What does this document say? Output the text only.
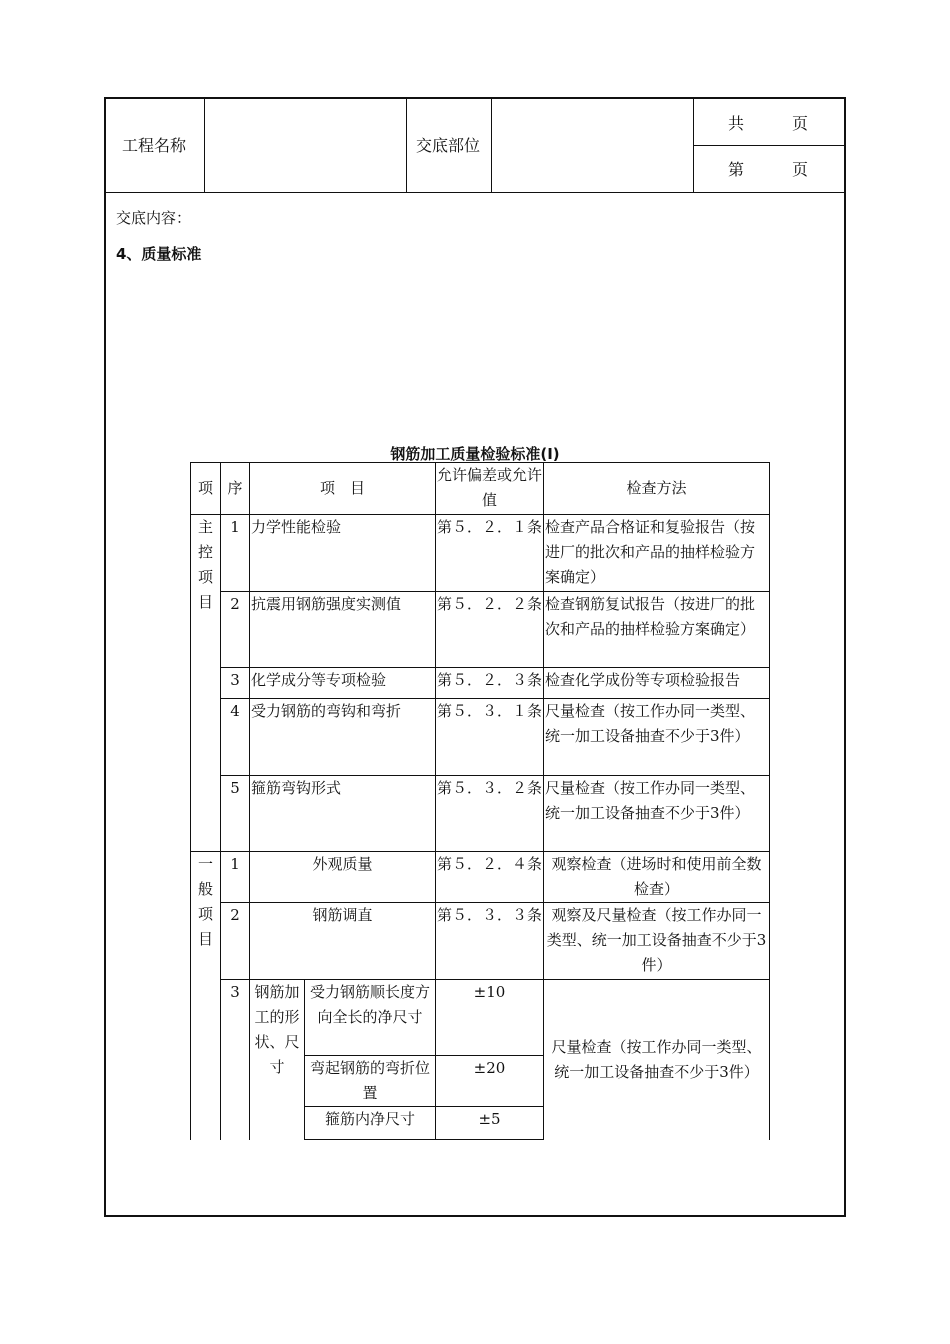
工程名称	交底部位
共　　　页
第　　　页
交底内容：
4、质量标准
钢筋加工质量检验标准(Ⅰ)
项	序	项　目		允许偏差或允许值	检查方法
主控项目	1	力学性能检验		第５．２．１条	检查产品合格证和复验报告（按进厂的批次和产品的抽样检验方案确定）
	2	抗震用钢筋强度实测值		第５．２．２条	检查钢筋复试报告（按进厂的批次和产品的抽样检验方案确定）
	3	化学成分等专项检验		第５．２．３条	检查化学成份等专项检验报告
	4	受力钢筋的弯钩和弯折		第５．３．１条	尺量检查（按工作办同一类型、统一加工设备抽查不少于3件）
	5	箍筋弯钩形式		第５．３．２条	尺量检查（按工作办同一类型、统一加工设备抽查不少于3件）
一般项目	1	外观质量		第５．２．４条	观察检查（进场时和使用前全数检查）
	2	钢筋调直		第５．３．３条	观察及尺量检查（按工作办同一类型、统一加工设备抽查不少于3件）
	3	钢筋加工的形状、尺寸	受力钢筋顺长度方向全长的净尺寸	±10	尺量检查（按工作办同一类型、统一加工设备抽查不少于3件）
			弯起钢筋的弯折位置	±20	
			箍筋内净尺寸	±5	
